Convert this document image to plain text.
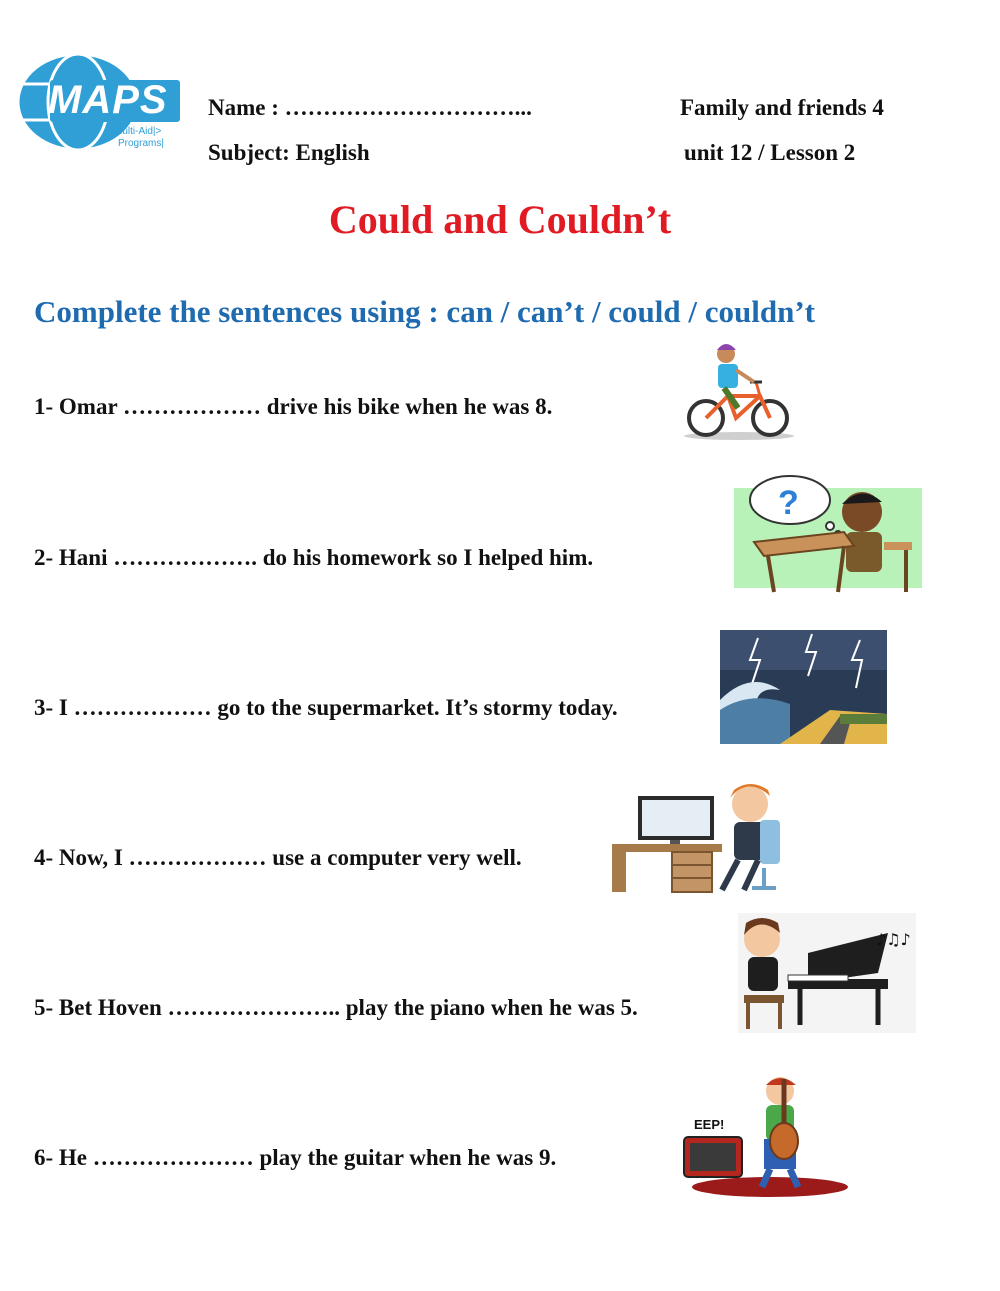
MAPS
Multi-Aid|>
Programs|
Name : …………………………...
Subject: English
Family and friends 4
unit 12 / Lesson 2
Could and Couldn’t
Complete the sentences using : can / can’t / could / couldn’t
1- Omar ……………… drive his bike when he was 8.
2- Hani ………………. do his homework so I helped him.
3- I ……………… go to the supermarket. It’s stormy today.
4- Now, I ……………… use a computer very well.
5- Bet Hoven ………………….. play the piano when he was 5.
6- He ………………… play the guitar when he was 9.
?
♪♫♪
EEP!
